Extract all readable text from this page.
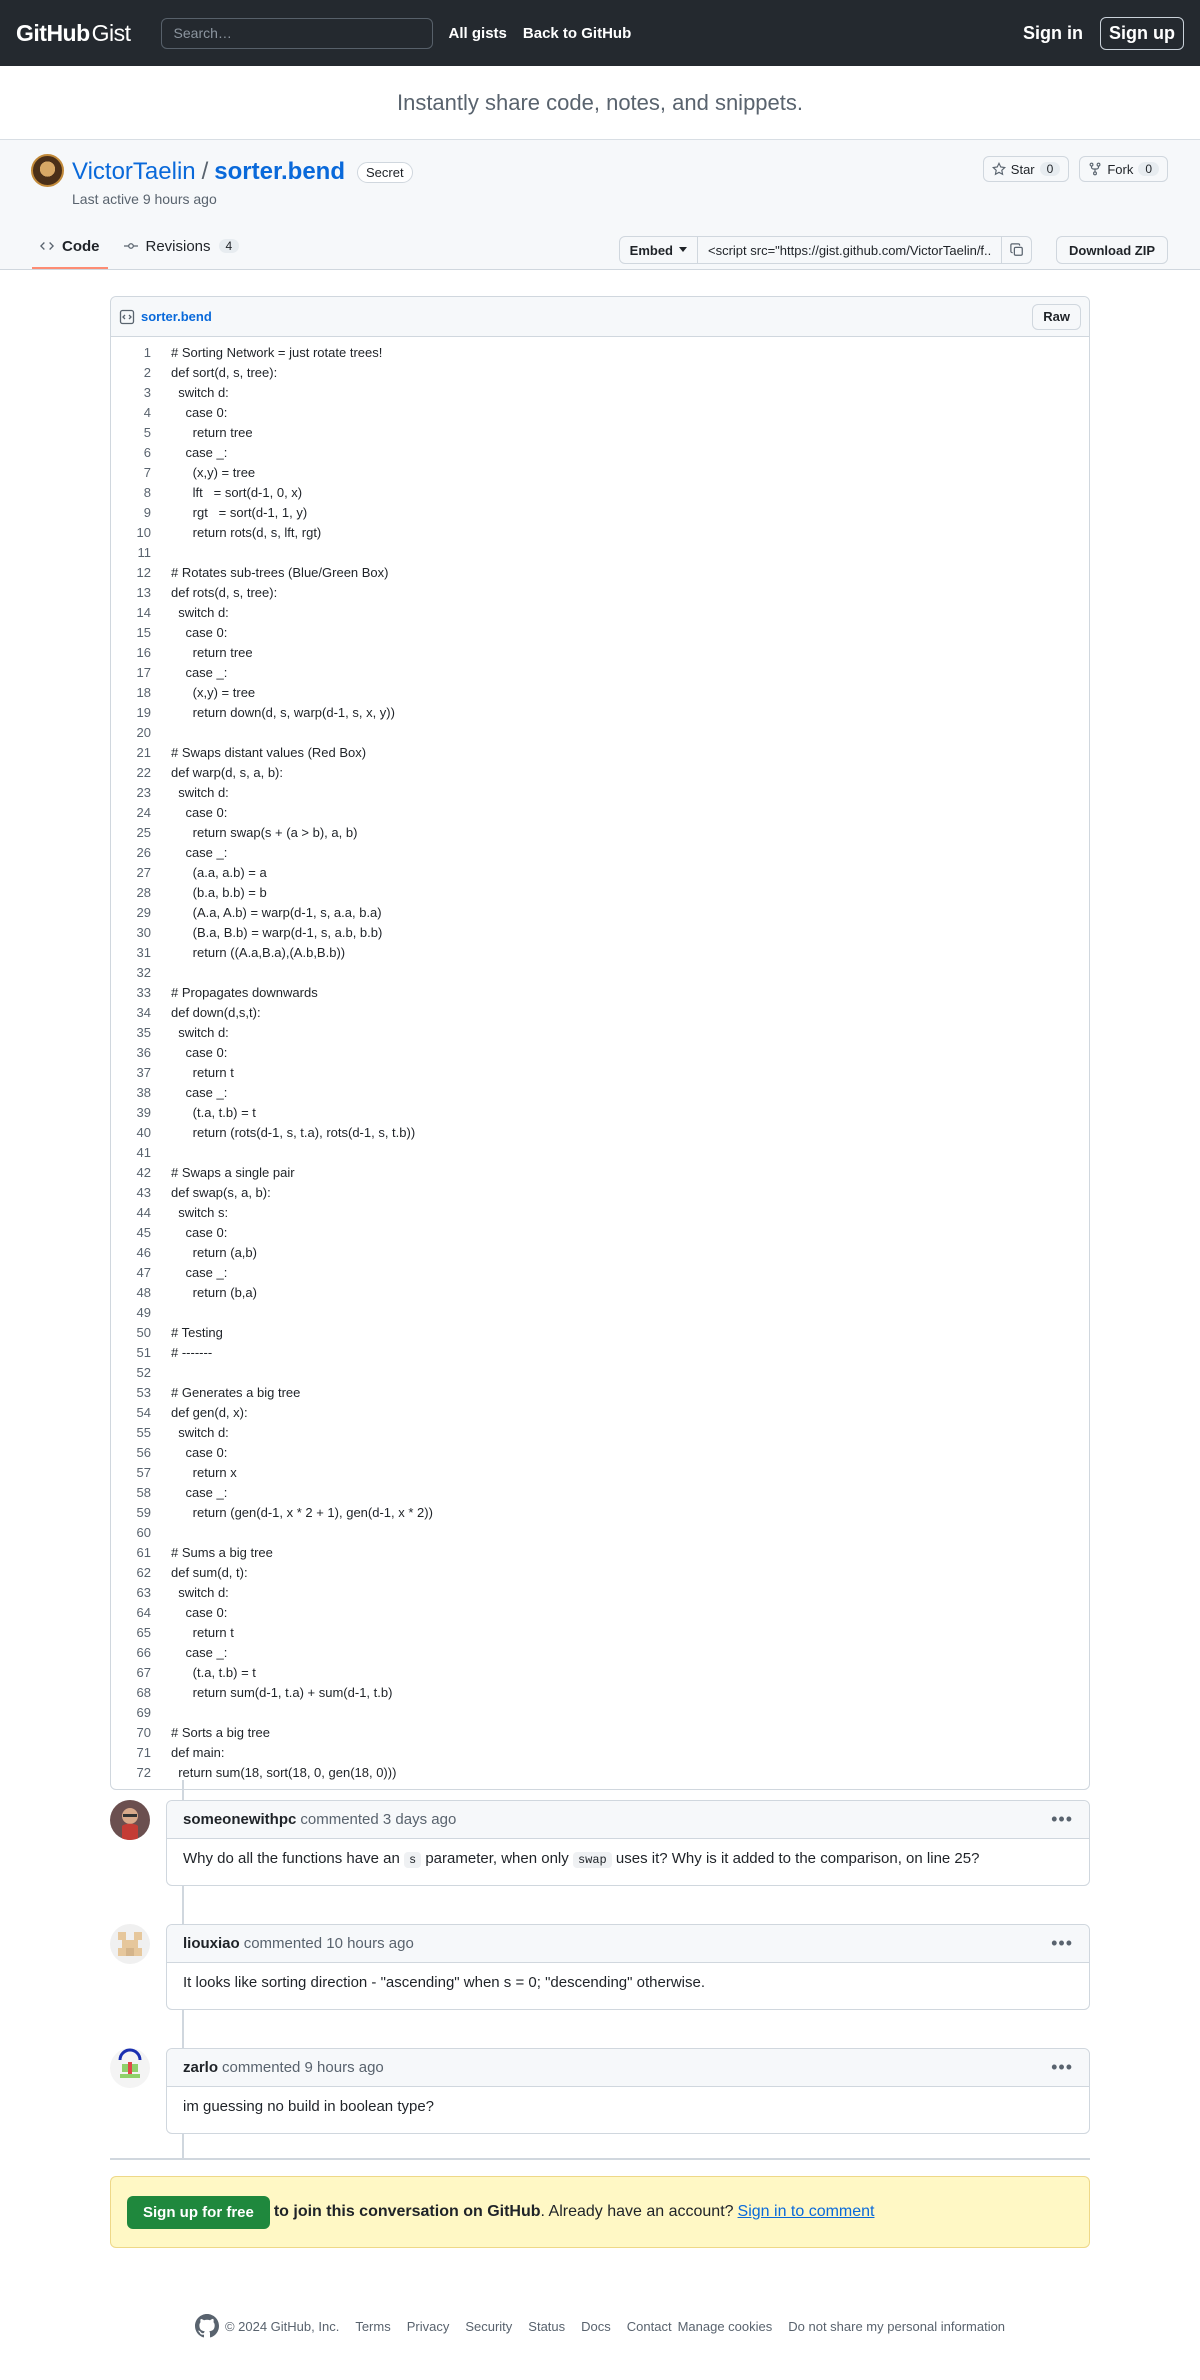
GitHub Gist
Search…	All gists Back to GitHub	Sign in	Sign up
Instantly share code, notes, and snippets.
VictorTaelin / sorter.bend	Secret
Last active 9 hours ago
Star	0	Fork	0
Code	Revisions	4	Embed
<script src="https://gist.github.com/VictorTaelin/f...	Download ZIP
sorter.bend	Raw
1	# Sorting Network = just rotate trees!
2	def sort(d, s, tree):
3	switch d:
4	case 0:
5	return tree
6	case _:
7	(x,y) = tree
8	lft   = sort(d-1, 0, x)
9	rgt   = sort(d-1, 1, y)
10	return rots(d, s, lft, rgt)
11
12	# Rotates sub-trees (Blue/Green Box)
13	def rots(d, s, tree):
14	switch d:
15	case 0:
16	return tree
17	case _:
18	(x,y) = tree
19	return down(d, s, warp(d-1, s, x, y))
20
21	# Swaps distant values (Red Box)
22	def warp(d, s, a, b):
23	switch d:
24	case 0:
25	return swap(s + (a > b), a, b)
26	case _:
27	(a.a, a.b) = a
28	(b.a, b.b) = b
29	(A.a, A.b) = warp(d-1, s, a.a, b.a)
30	(B.a, B.b) = warp(d-1, s, a.b, b.b)
31	return ((A.a,B.a),(A.b,B.b))
32
33	# Propagates downwards
34	def down(d,s,t):
35	switch d:
36	case 0:
37	return t
38	case _:
39	(t.a, t.b) = t
40	return (rots(d-1, s, t.a), rots(d-1, s, t.b))
41
42	# Swaps a single pair
43	def swap(s, a, b):
44	switch s:
45	case 0:
46	return (a,b)
47	case _:
48	return (b,a)
49
50	# Testing
51	# -------
52
53	# Generates a big tree
54	def gen(d, x):
55	switch d:
56	case 0:
57	return x
58	case _:
59	return (gen(d-1, x * 2 + 1), gen(d-1, x * 2))
60
61	# Sums a big tree
62	def sum(d, t):
63	switch d:
64	case 0:
65	return t
66	case _:
67	(t.a, t.b) = t
68	return sum(d-1, t.a) + sum(d-1, t.b)
69
70	# Sorts a big tree
71	def main:
72	return sum(18, sort(18, 0, gen(18, 0)))
someonewithpc commented 3 days ago	•••
Why do all the functions have an s parameter, when only swap uses it? Why is it added to the comparison, on line 25?
liouxiao commented 10 hours ago	•••
It looks like sorting direction - "ascending" when s = 0; "descending" otherwise.
zarlo commented 9 hours ago	•••
im guessing no build in boolean type?
Sign up for free	to join this conversation on GitHub . Already have an account? Sign in to comment
© 2024 GitHub, Inc. Terms Privacy Security Status Docs Contact Manage cookies Do not share my personal information
